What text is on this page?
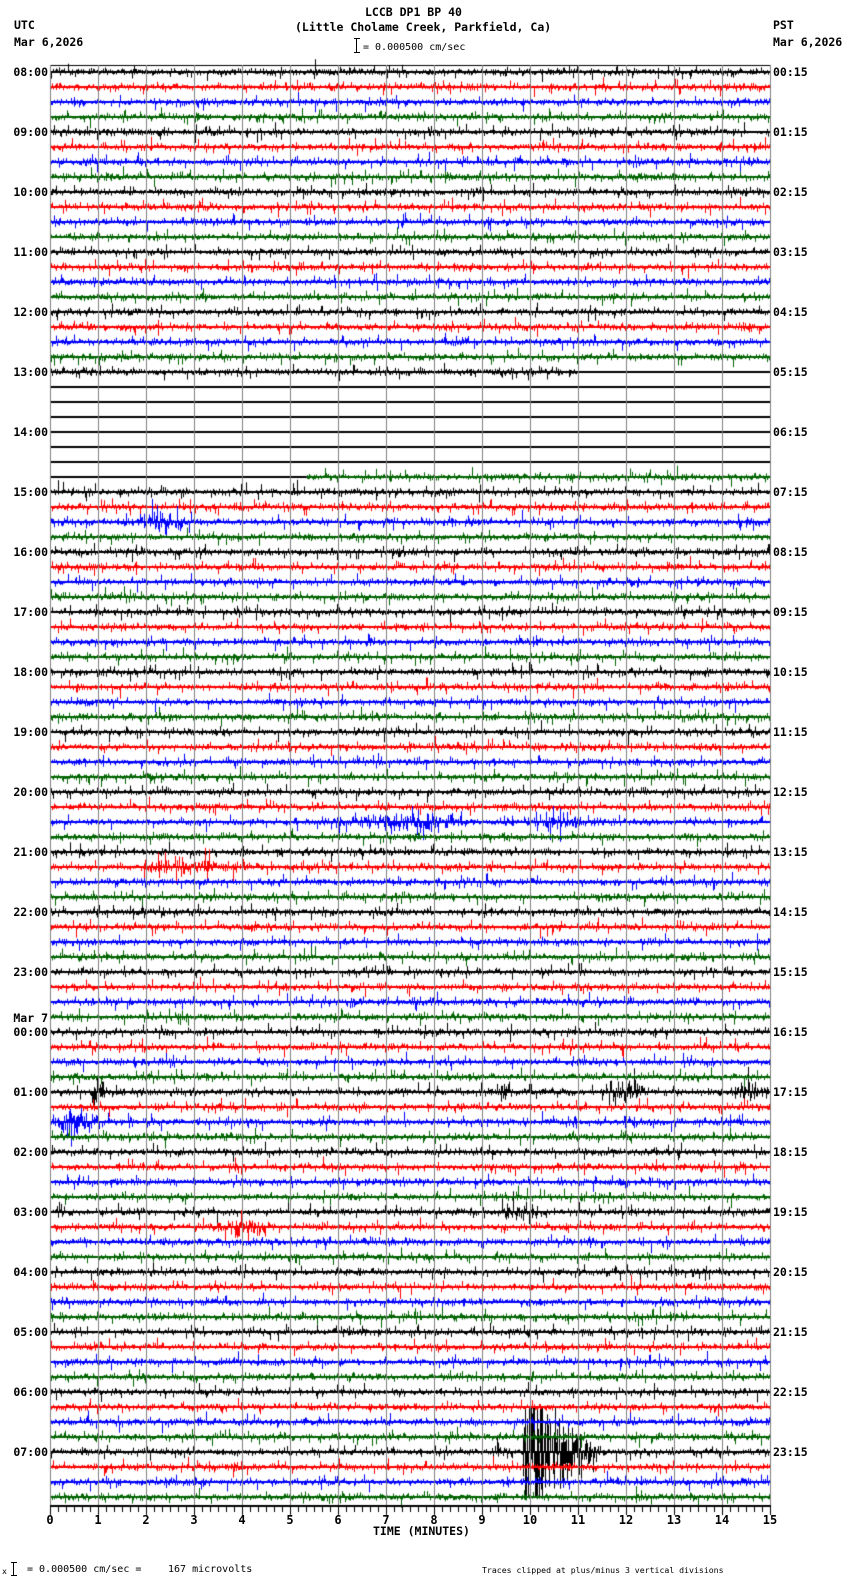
LCCB DP1 BP 40
(Little Cholame Creek, Parkfield, Ca)
UTC
Mar 6,2026
PST
Mar 6,2026
= 0.000500 cm/sec
08:00
09:00
10:00
11:00
12:00
13:00
14:00
15:00
16:00
17:00
18:00
19:00
20:00
21:00
22:00
23:00
Mar 7
00:00
01:00
02:00
03:00
04:00
05:00
06:00
07:00
00:15
01:15
02:15
03:15
04:15
05:15
06:15
07:15
08:15
09:15
10:15
11:15
12:15
13:15
14:15
15:15
16:15
17:15
18:15
19:15
20:15
21:15
22:15
23:15
0	1	2	3	4	5	6	7	8	9	10	11	12	13	14	15
TIME (MINUTES)
x = 0.000500 cm/sec =	167 microvolts	Traces clipped at plus/minus 3 vertical divisions
